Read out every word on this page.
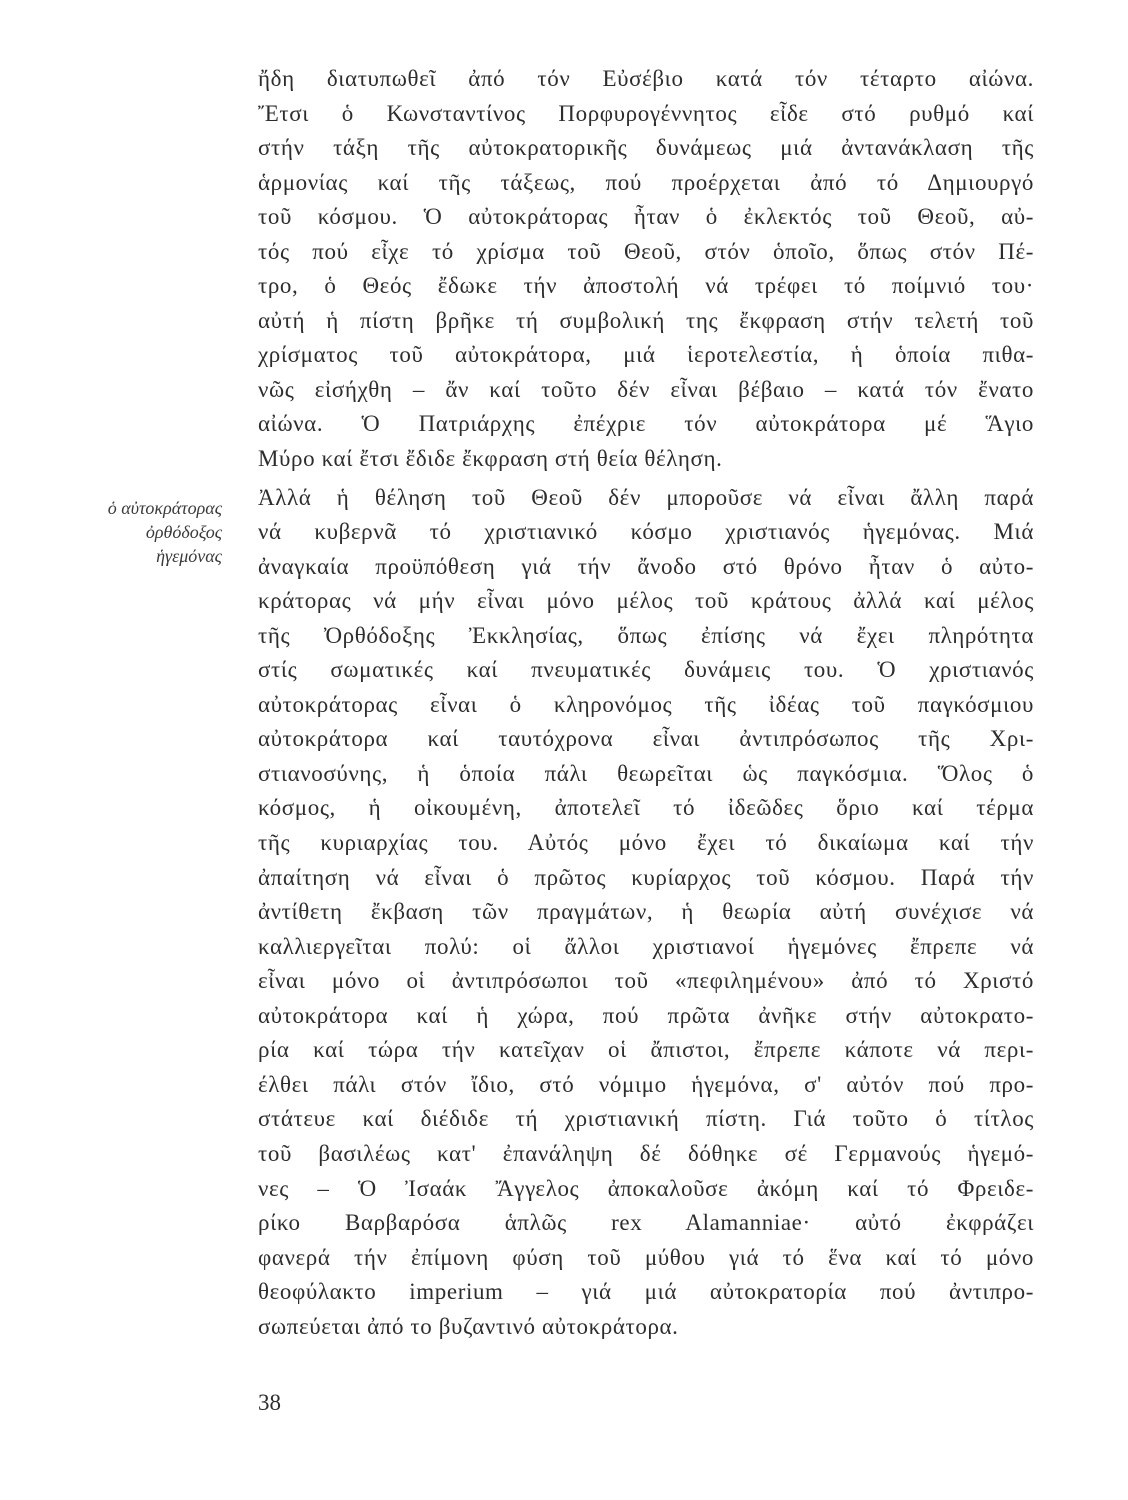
ὁ αὐτοκράτορας
ὀρθόδοξος
ἡγεμόνας
ἤδη διατυπωθεῖ ἀπό τόν Εὐσέβιο κατά τόν τέταρτο αἰώνα.
Ἔτσι ὁ Κωνσταντίνος Πορφυρογέννητος εἶδε στό ρυθμό καί
στήν τάξη τῆς αὐτοκρατορικῆς δυνάμεως μιά ἀντανάκλαση τῆς
ἁρμονίας καί τῆς τάξεως, πού προέρχεται ἀπό τό Δημιουργό
τοῦ κόσμου. Ὁ αὐτοκράτορας ἦταν ὁ ἐκλεκτός τοῦ Θεοῦ, αὐ-
τός πού εἶχε τό χρίσμα τοῦ Θεοῦ, στόν ὁποῖο, ὅπως στόν Πέ-
τρο, ὁ Θεός ἔδωκε τήν ἀποστολή νά τρέφει τό ποίμνιό του·
αὐτή ἡ πίστη βρῆκε τή συμβολική της ἔκφραση στήν τελετή τοῦ
χρίσματος τοῦ αὐτοκράτορα, μιά ἱεροτελεστία, ἡ ὁποία πιθα-
νῶς εἰσήχθη – ἄν καί τοῦτο δέν εἶναι βέβαιο – κατά τόν ἔνατο
αἰώνα. Ὁ Πατριάρχης ἐπέχριε τόν αὐτοκράτορα μέ Ἅγιο
Μύρο καί ἔτσι ἔδιδε ἔκφραση στή θεία θέληση.
Ἀλλά ἡ θέληση τοῦ Θεοῦ δέν μποροῦσε νά εἶναι ἄλλη παρά
νά κυβερνᾶ τό χριστιανικό κόσμο χριστιανός ἡγεμόνας. Μιά
ἀναγκαία προϋπόθεση γιά τήν ἄνοδο στό θρόνο ἦταν ὁ αὐτο-
κράτορας νά μήν εἶναι μόνο μέλος τοῦ κράτους ἀλλά καί μέλος
τῆς Ὀρθόδοξης Ἐκκλησίας, ὅπως ἐπίσης νά ἔχει πληρότητα
στίς σωματικές καί πνευματικές δυνάμεις του. Ὁ χριστιανός
αὐτοκράτορας εἶναι ὁ κληρονόμος τῆς ἰδέας τοῦ παγκόσμιου
αὐτοκράτορα καί ταυτόχρονα εἶναι ἀντιπρόσωπος τῆς Χρι-
στιανοσύνης, ἡ ὁποία πάλι θεωρεῖται ὡς παγκόσμια. Ὅλος ὁ
κόσμος, ἡ οἰκουμένη, ἀποτελεῖ τό ἰδεῶδες ὅριο καί τέρμα
τῆς κυριαρχίας του. Αὐτός μόνο ἔχει τό δικαίωμα καί τήν
ἀπαίτηση νά εἶναι ὁ πρῶτος κυρίαρχος τοῦ κόσμου. Παρά τήν
ἀντίθετη ἔκβαση τῶν πραγμάτων, ἡ θεωρία αὐτή συνέχισε νά
καλλιεργεῖται πολύ: οἱ ἄλλοι χριστιανοί ἡγεμόνες ἔπρεπε νά
εἶναι μόνο οἱ ἀντιπρόσωποι τοῦ «πεφιλημένου» ἀπό τό Χριστό
αὐτοκράτορα καί ἡ χώρα, πού πρῶτα ἀνῆκε στήν αὐτοκρατο-
ρία καί τώρα τήν κατεῖχαν οἱ ἄπιστοι, ἔπρεπε κάποτε νά περι-
έλθει πάλι στόν ἴδιο, στό νόμιμο ἡγεμόνα, σ' αὐτόν πού προ-
στάτευε καί διέδιδε τή χριστιανική πίστη. Γιά τοῦτο ὁ τίτλος
τοῦ βασιλέως κατ' ἐπανάληψη δέ δόθηκε σέ Γερμανούς ἡγεμό-
νες – Ὁ Ἰσαάκ Ἄγγελος ἀποκαλοῦσε ἀκόμη καί τό Φρειδε-
ρίκο Βαρβαρόσα ἁπλῶς rex Alamanniae· αὐτό ἐκφράζει
φανερά τήν ἐπίμονη φύση τοῦ μύθου γιά τό ἕνα καί τό μόνο
θεοφύλακτο imperium – γιά μιά αὐτοκρατορία πού ἀντιπρο-
σωπεύεται ἀπό το βυζαντινό αὐτοκράτορα.
38
